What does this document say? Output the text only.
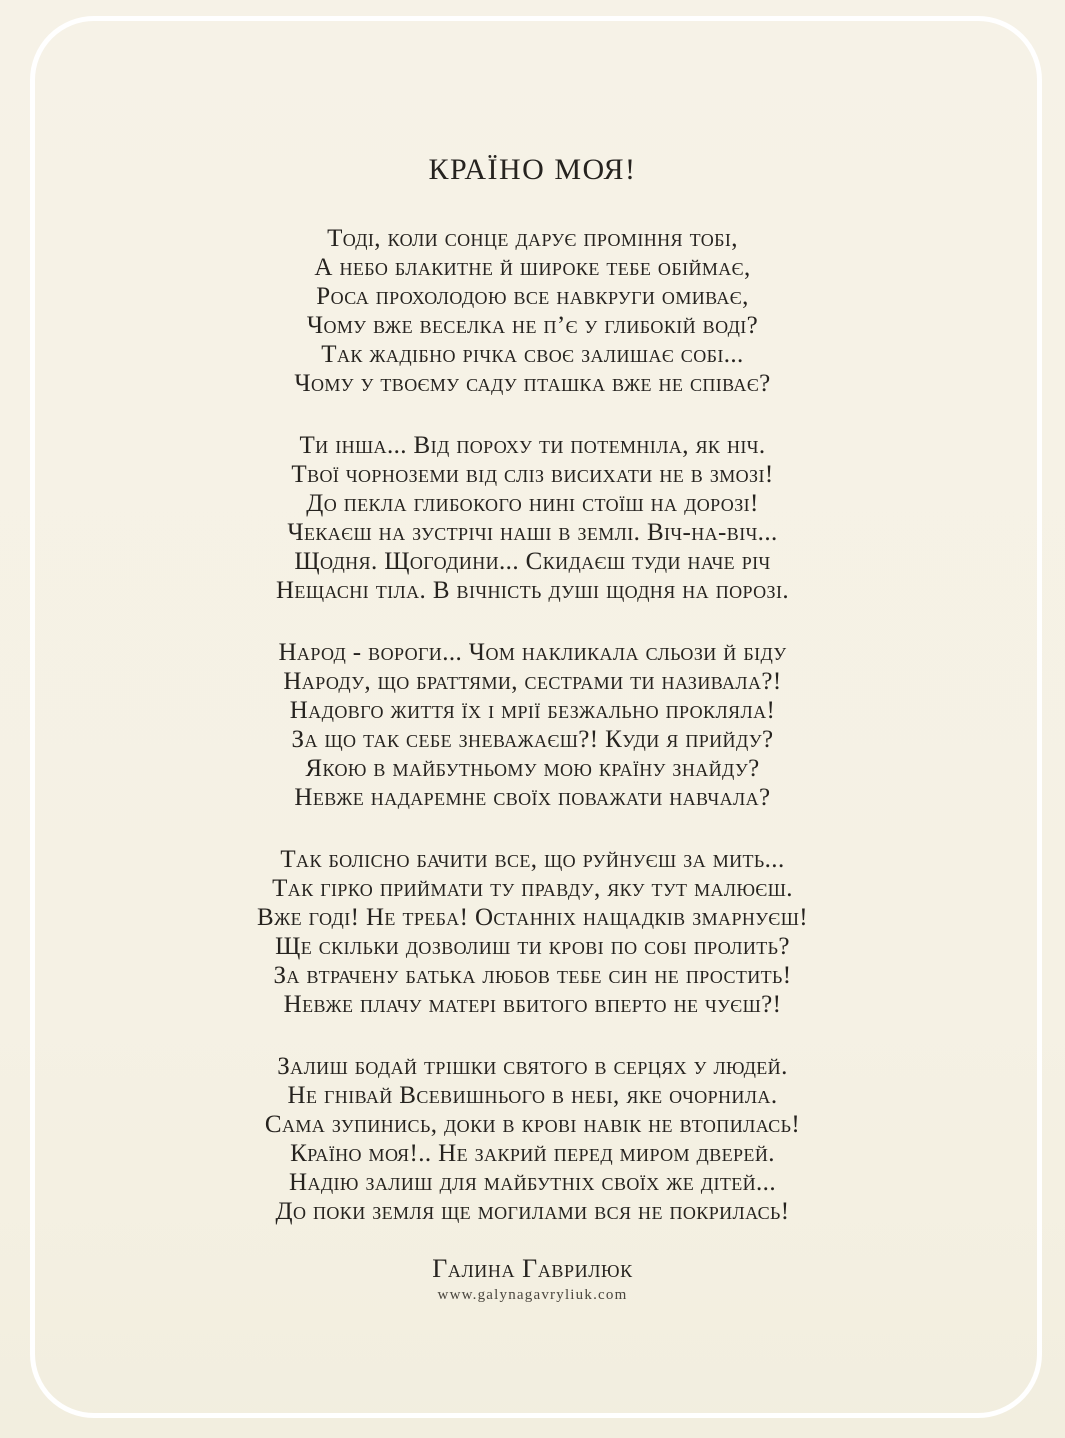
КРАЇНО МОЯ!

Тоді, коли сонце дарує проміння тобі,

А небо блакитне й широке тебе обіймає,

Роса прохолодою все навкруги омиває,

Чому вже веселка не п’є у глибокій воді?

Так жадібно річка своє залишає собі...

Чому у твоєму саду пташка вже не співає?

Ти інша... Від пороху ти потемніла, як ніч.

Твої чорноземи від сліз висихати не в змозі!

До пекла глибокого нині стоїш на дорозі!

Чекаєш на зустрічі наші в землі. Віч-на-віч...

Щодня. Щогодини... Скидаєш туди наче річ

Нещасні тіла. В вічність душі щодня на порозі.

Народ - вороги... Чом накликала сльози й біду

Народу, що браттями, сестрами ти називала?!

Надовго життя їх і мрії безжально прокляла!

За що так себе зневажаєш?! Куди я прийду?

Якою в майбутньому мою країну знайду?

Невже надаремне своїх поважати навчала?

Так болісно бачити все, що руйнуєш за мить...

Так гірко приймати ту правду, яку тут малюєш.

Вже годі! Не треба! Останніх нащадків змарнуєш!

Ще скільки дозволиш ти крові по собі пролить?

За втрачену батька любов тебе син не простить!

Невже плачу матері вбитого вперто не чуєш?!

Залиш бодай трішки святого в серцях у людей.

Не гнівай Всевишнього в небі, яке очорнила.

Сама зупинись, доки в крові навік не втопилась!

Країно моя!.. Не закрий перед миром дверей.

Надію залиш для майбутніх своїх же дітей...

До поки земля ще могилами вся не покрилась!

Галина Гаврилюк
www.galynagavryliuk.com
